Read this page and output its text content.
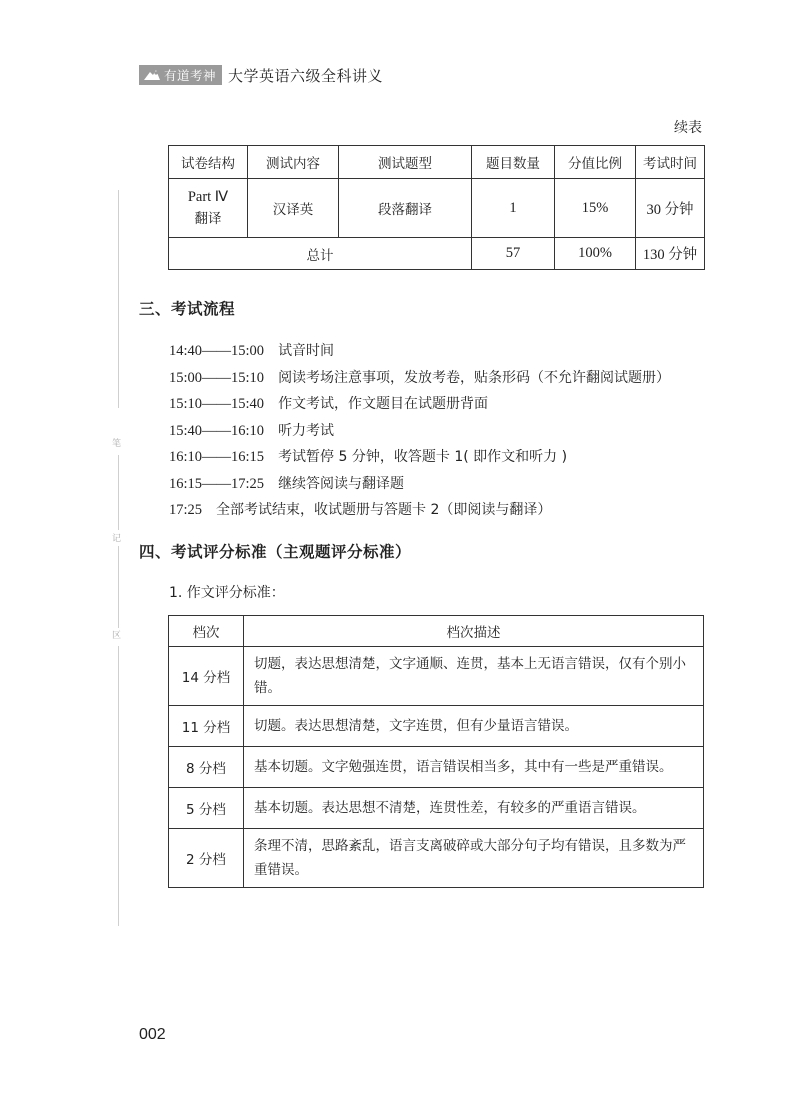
有道考神 大学英语六级全科讲义
续表
试卷结构	测试内容	测试题型	题目数量	分值比例	考试时间

Part Ⅳ
翻译	汉译英	段落翻译	1	15%	30 分钟
总计			57	100%	130 分钟
笔
记
区
三、考试流程
14:40——15:00 试音时间
15:00——15:10 阅读考场注意事项，发放考卷，贴条形码（不允许翻阅试题册）
15:10——15:40 作文考试，作文题目在试题册背面
15:40——16:10 听力考试
16:10——16:15 考试暂停 5 分钟，收答题卡 1( 即作文和听力 )
16:15——17:25 继续答阅读与翻译题
17:25 全部考试结束，收试题册与答题卡 2（即阅读与翻译）
四、考试评分标准（主观题评分标准）
1. 作文评分标准：
档次	档次描述
14 分档	切题，表达思想清楚，文字通顺、连贯，基本上无语言错误，仅有个别小错。
11 分档	切题。表达思想清楚，文字连贯，但有少量语言错误。
8 分档	基本切题。文字勉强连贯，语言错误相当多，其中有一些是严重错误。
5 分档	基本切题。表达思想不清楚，连贯性差，有较多的严重语言错误。
2 分档	条理不清，思路紊乱，语言支离破碎或大部分句子均有错误，且多数为严重错误。
002
